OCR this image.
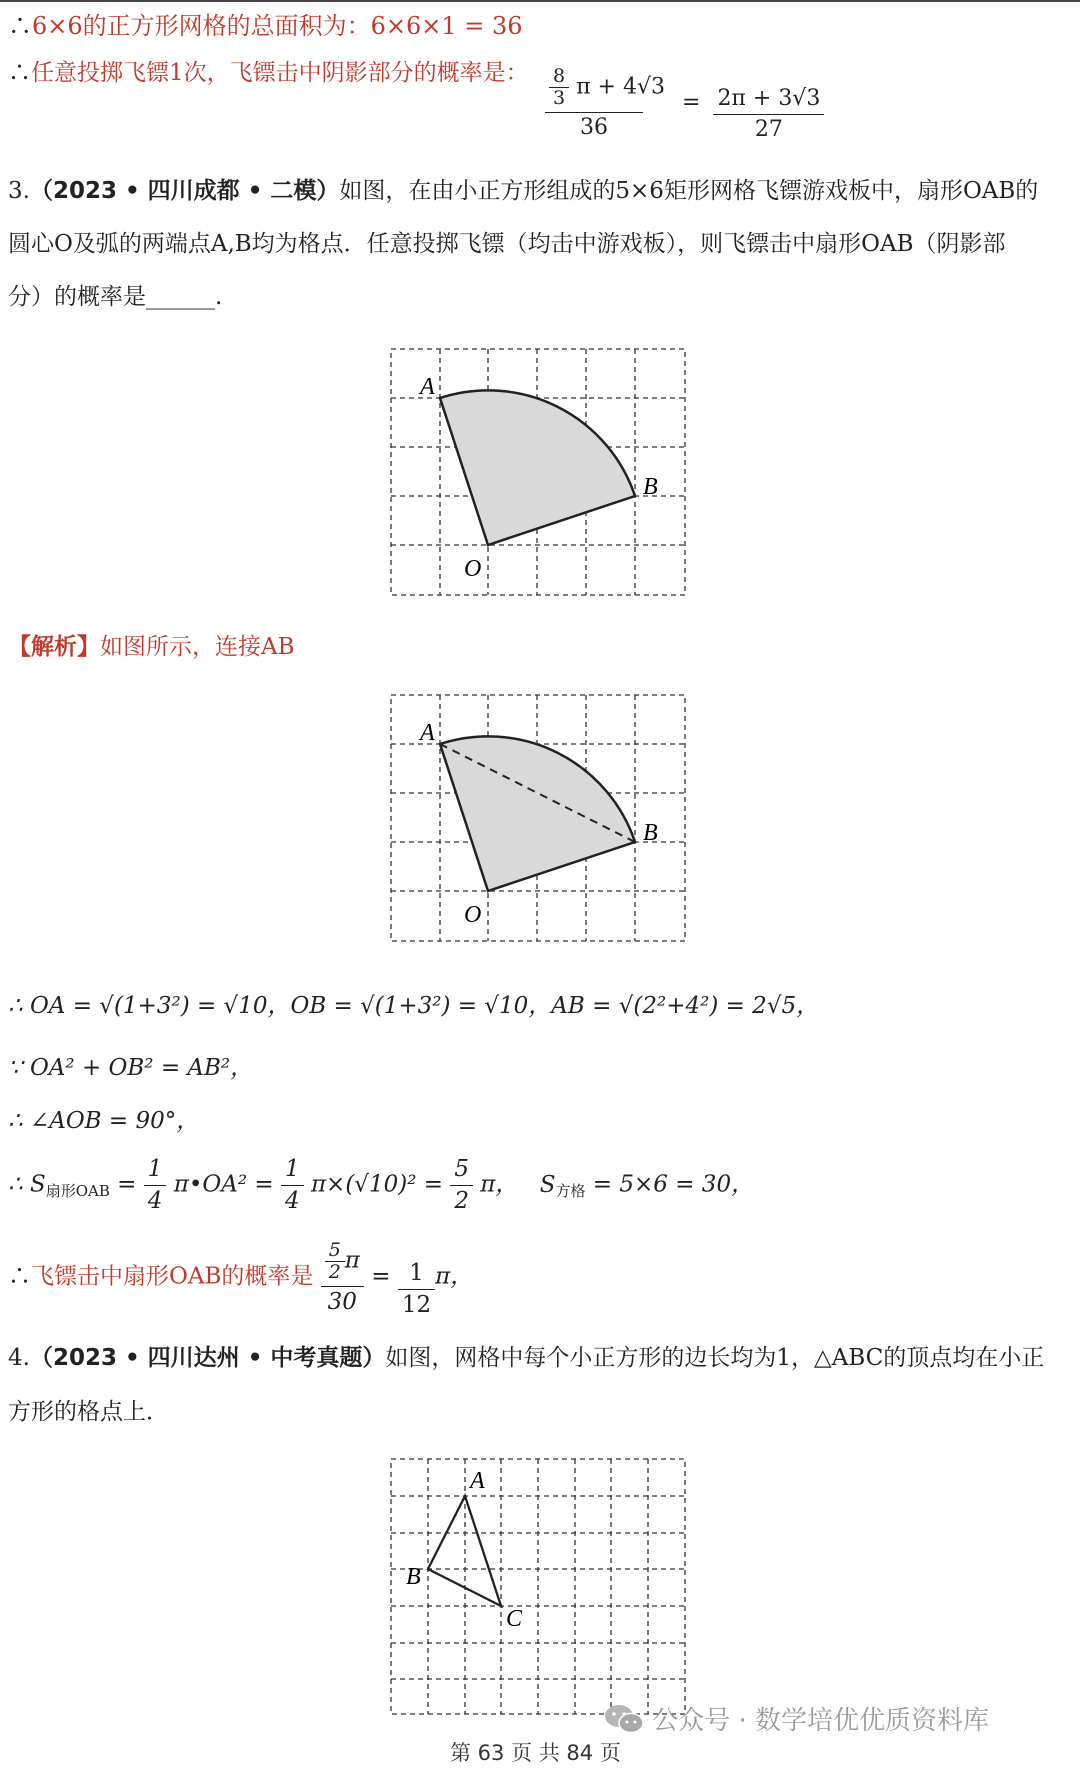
∴6×6的正方形网格的总面积为：6×6×1 = 36
∴任意投掷飞镖1次，飞镖击中阴影部分的概率是： $\frac{\frac{8}{3} \pi + 4√3}{36} = \frac{2\pi + 3√3}{27}$
3.（2023 • 四川成都 • 二模）如图，在由小正方形组成的5×6矩形网格飞镖游戏板中，扇形OAB的
圆心O及弧的两端点A,B均为格点．任意投掷飞镖（均击中游戏板），则飞镖击中扇形OAB（阴影部
分）的概率是______.
A
B
O
【解析】如图所示，连接AB
A
B
O
∴ OA = √(1+3²) = √10，OB = √(1+3²) = √10，AB = √(2²+4²) = 2√5，
∵ OA² + OB² = AB²，
∴ ∠AOB = 90°，
∴ $S_{扇形OAB} = \frac{1}{4}$ π•OA² = $\frac{1}{4} \pi\times(√10)^2 = \frac{5}{2}$ π， $S_{方格} = 5\times 6 = 30$，
∴飞镖击中扇形OAB的概率是 $\frac{\frac{5}{2} \pi}{30} = \frac{1}{12}$ π，
4.（2023 • 四川达州 • 中考真题）如图，网格中每个小正方形的边长均为1，△ABC的顶点均在小正
方形的格点上．
A
B
C
公众号 · 数学培优优质资料库
第 63 页 共 84 页
